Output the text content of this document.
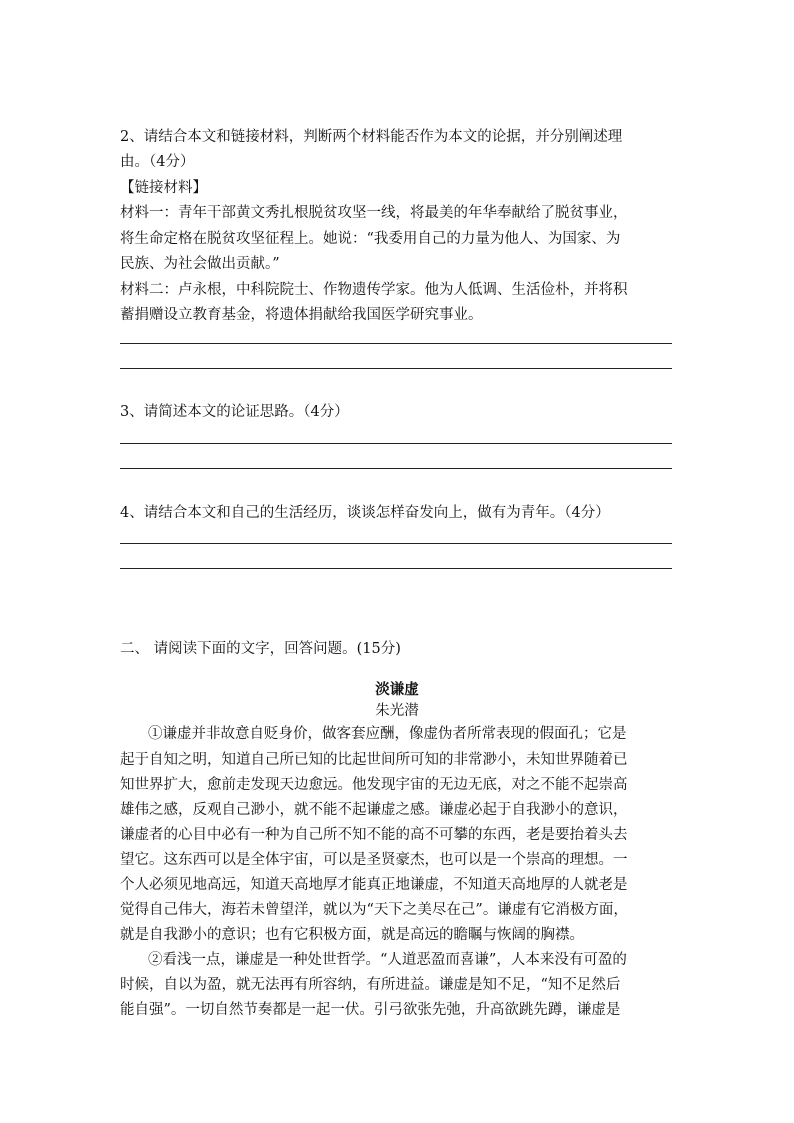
2、请结合本文和链接材料，判断两个材料能否作为本文的论据，并分别阐述理
由。（4分）
【链接材料】
材料一：青年干部黄文秀扎根脱贫攻坚一线，将最美的年华奉献给了脱贫事业，
将生命定格在脱贫攻坚征程上。她说：“我委用自己的力量为他人、为国家、为
民族、为社会做出贡献。”
材料二：卢永根，中科院院士、作物遗传学家。他为人低调、生活俭朴，并将积
蓄捐赠设立教育基金，将遗体捐献给我国医学研究事业。
3、请简述本文的论证思路。（4分）
4、请结合本文和自己的生活经历，谈谈怎样奋发向上，做有为青年。（4分）
二、 请阅读下面的文字，回答问题。(15分)
淡谦虚
朱光潜
①谦虚并非故意自贬身价，做客套应酬，像虚伪者所常表现的假面孔；它是
起于自知之明，知道自己所已知的比起世间所可知的非常渺小，未知世界随着已
知世界扩大，愈前走发现天边愈远。他发现宇宙的无边无底，对之不能不起崇高
雄伟之感，反观自己渺小，就不能不起谦虚之感。谦虚必起于自我渺小的意识，
谦虚者的心目中必有一种为自己所不知不能的高不可攀的东西，老是要抬着头去
望它。这东西可以是全体宇宙，可以是圣贤豪杰，也可以是一个崇高的理想。一
个人必须见地高远，知道天高地厚才能真正地谦虚，不知道天高地厚的人就老是
觉得自己伟大，海若未曾望洋，就以为“天下之美尽在己”。谦虚有它消极方面，
就是自我渺小的意识；也有它积极方面，就是高远的瞻瞩与恢阔的胸襟。
②看浅一点，谦虚是一种处世哲学。“人道恶盈而喜谦”，人本来没有可盈的
时候，自以为盈，就无法再有所容纳，有所进益。谦虚是知不足，“知不足然后
能自强”。一切自然节奏都是一起一伏。引弓欲张先弛，升高欲跳先蹲，谦虚是
